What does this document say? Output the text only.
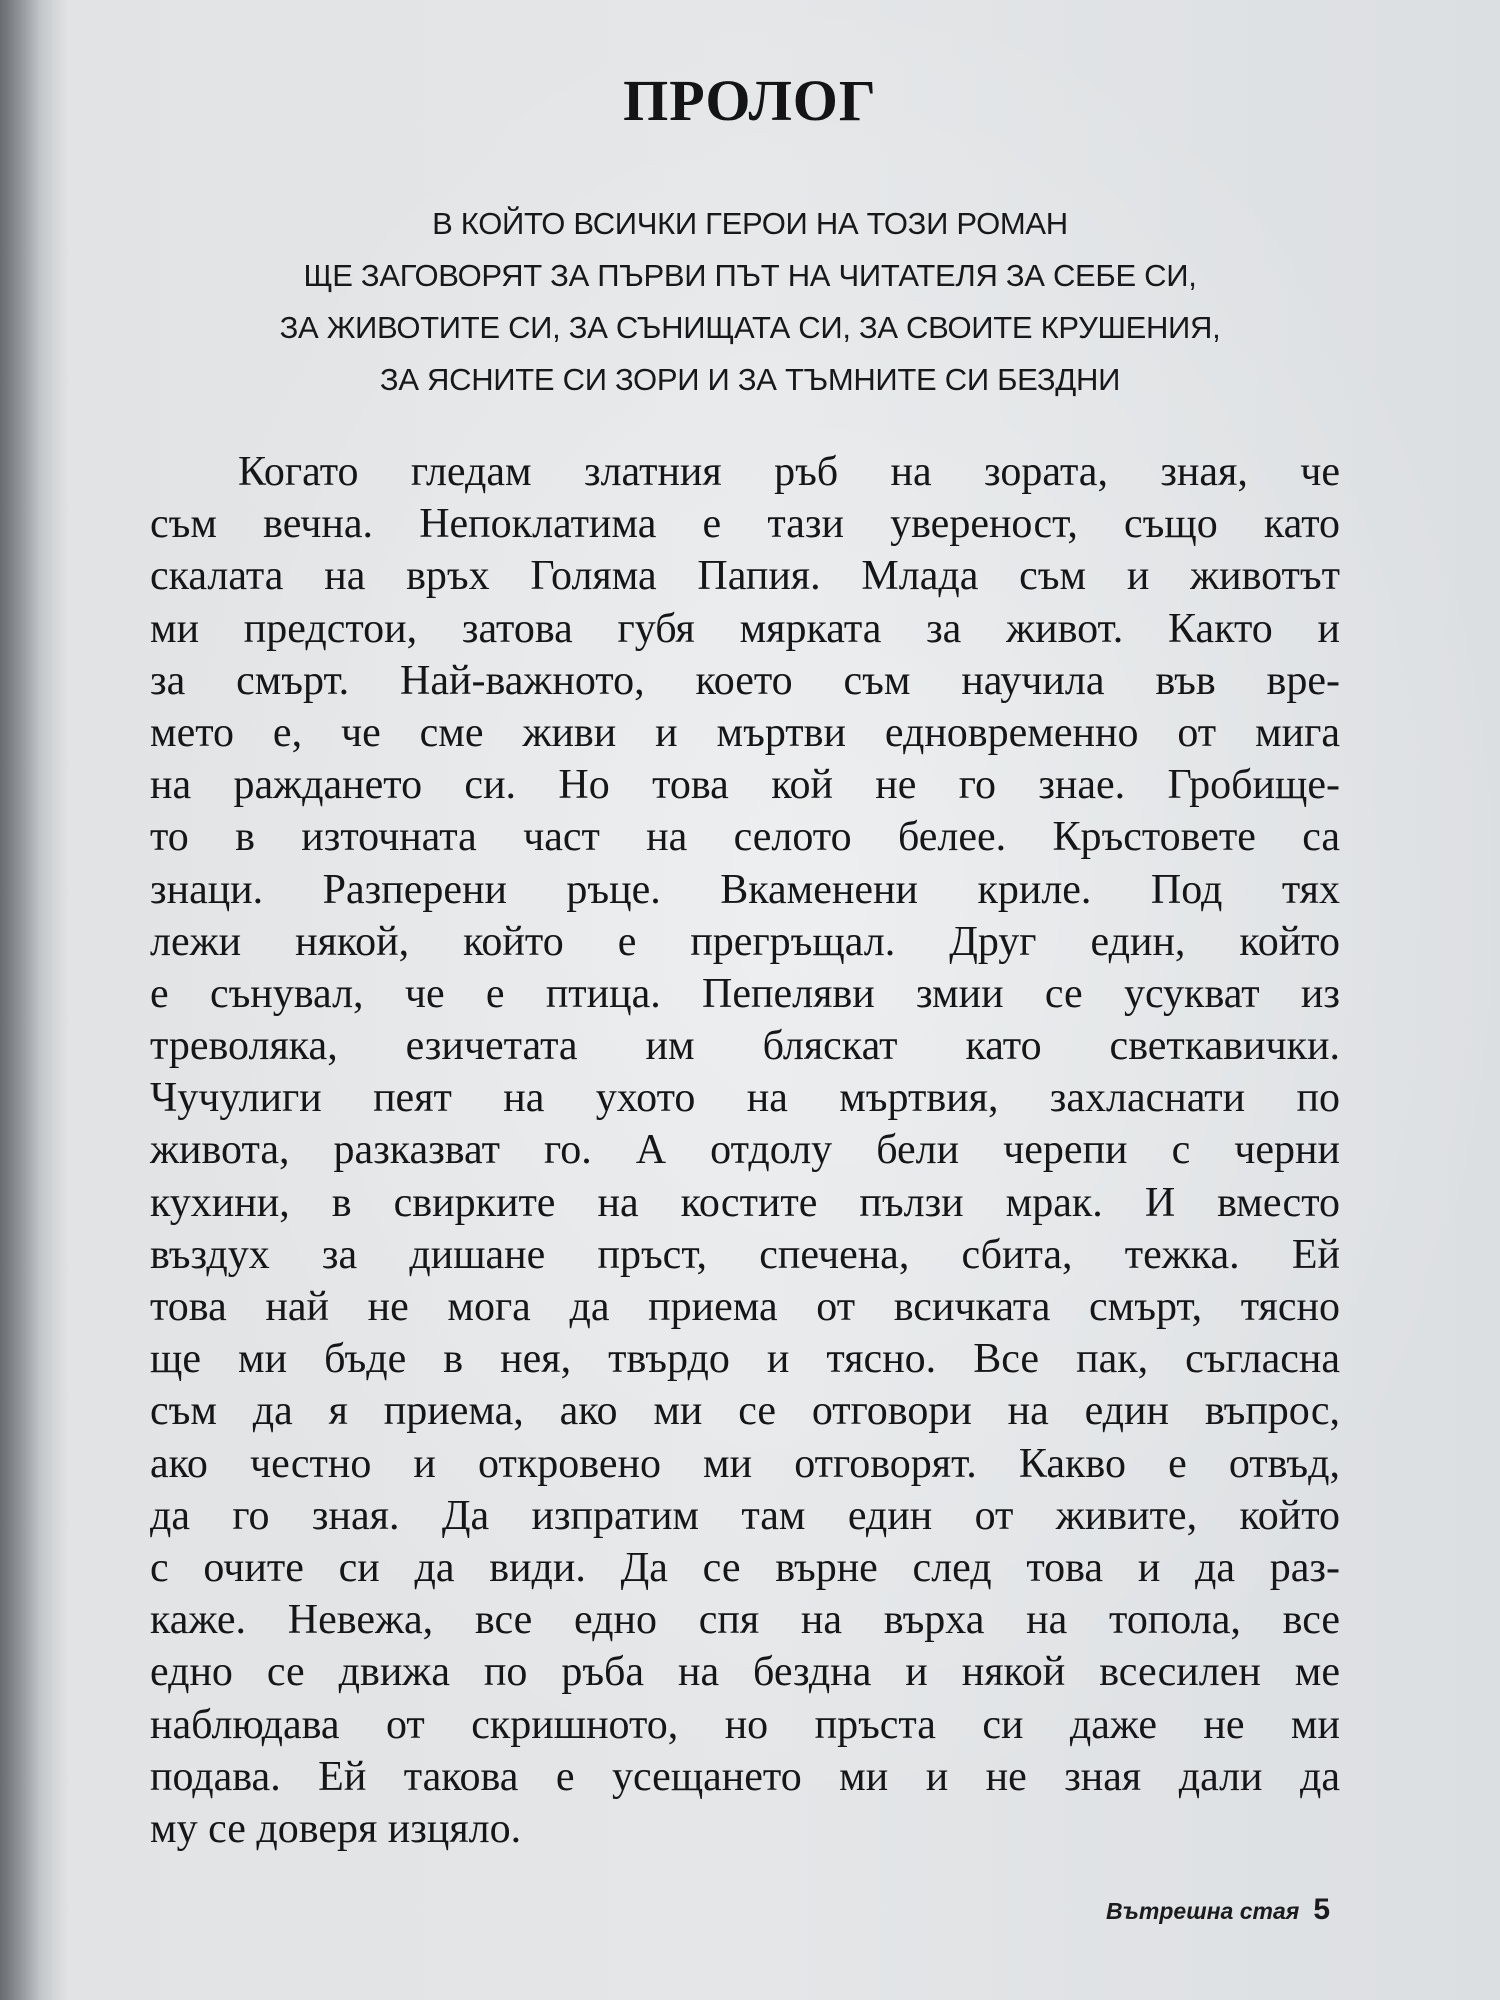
ПРОЛОГ
В КОЙТО ВСИЧКИ ГЕРОИ НА ТОЗИ РОМАН
ЩЕ ЗАГОВОРЯТ ЗА ПЪРВИ ПЪТ НА ЧИТАТЕЛЯ ЗА СЕБЕ СИ,
ЗА ЖИВОТИТЕ СИ, ЗА СЪНИЩАТА СИ, ЗА СВОИТЕ КРУШЕНИЯ,
ЗА ЯСНИТЕ СИ ЗОРИ И ЗА ТЪМНИТЕ СИ БЕЗДНИ
Когато гледам златния ръб на зората, зная, че
съм вечна. Непоклатима е тази увереност, също като
скалата на връх Голяма Папия. Млада съм и животът
ми предстои, затова губя мярката за живот. Както и
за смърт. Най-важното, което съм научила във вре-
мето е, че сме живи и мъртви едновременно от мига
на раждането си. Но това кой не го знае. Гробище-
то в източната част на селото белее. Кръстовете са
знаци. Разперени ръце. Вкаменени криле. Под тях
лежи някой, който е прегръщал. Друг един, който
е сънувал, че е птица. Пепеляви змии се усукват из
треволяка, езичетата им бляскат като светкавички.
Чучулиги пеят на ухото на мъртвия, захласнати по
живота, разказват го. А отдолу бели черепи с черни
кухини, в свирките на костите пълзи мрак. И вместо
въздух за дишане пръст, спечена, сбита, тежка. Ей
това най не мога да приема от всичката смърт, тясно
ще ми бъде в нея, твърдо и тясно. Все пак, съгласна
съм да я приема, ако ми се отговори на един въпрос,
ако честно и откровено ми отговорят. Какво е отвъд,
да го зная. Да изпратим там един от живите, който
с очите си да види. Да се върне след това и да раз-
каже. Невежа, все едно спя на върха на топола, все
едно се движа по ръба на бездна и някой всесилен ме
наблюдава от скришното, но пръста си даже не ми
подава. Ей такова е усещането ми и не зная дали да
му се доверя изцяло.
Вътрешна стая 5
